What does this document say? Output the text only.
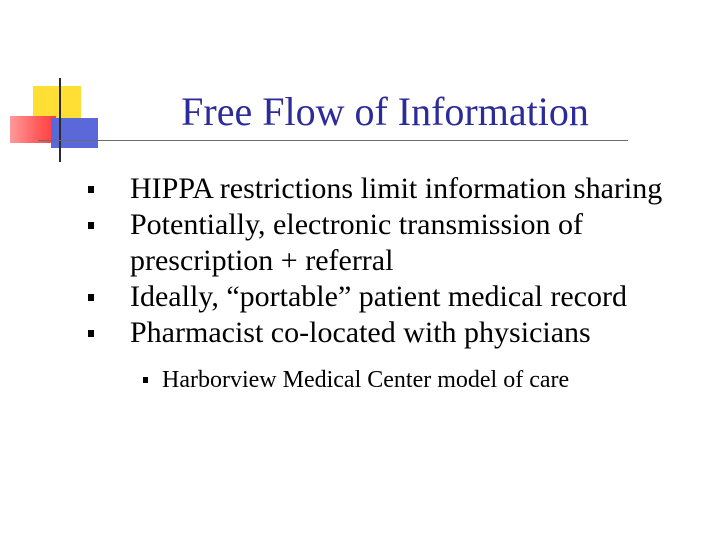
Free Flow of Information
HIPPA restrictions limit information sharing
Potentially, electronic transmission of prescription + referral
Ideally, “portable” patient medical record
Pharmacist co-located with physicians
Harborview Medical Center model of care
